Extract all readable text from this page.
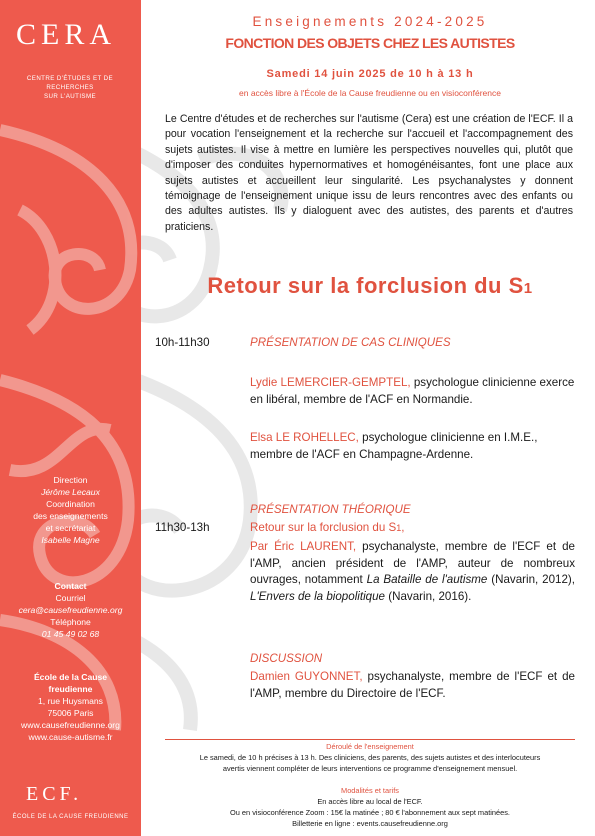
CERA
CENTRE D'ÉTUDES ET DE RECHERCHES
SUR L'AUTISME
Direction
Jérôme Lecaux
Coordination
des enseignements
et secrétariat
Isabelle Magne
Contact
Courriel
cera@causefreudienne.org
Téléphone
01 45 49 02 68
École de la Cause
freudienne
1, rue Huysmans
75006 Paris
www.causefreudienne.org
www.cause-autisme.fr
ECF.
ÉCOLE DE LA CAUSE FREUDIENNE
Enseignements 2024-2025
FONCTION DES OBJETS CHEZ LES AUTISTES
Samedi 14 juin 2025 de 10 h à 13 h
en accès libre à l'École de la Cause freudienne ou en visioconférence
Le Centre d'études et de recherches sur l'autisme (Cera) est une création de l'ECF. Il a pour vocation l'enseignement et la recherche sur l'accueil et l'accompagnement des sujets autistes. Il vise à mettre en lumière les perspectives nouvelles qui, plutôt que d'imposer des conduites hypernormatives et homogénéisantes, font une place aux sujets autistes et accueillent leur singularité. Les psychanalystes y donnent témoignage de l'enseignement unique issu de leurs rencontres avec des enfants ou des adultes autistes. Ils y dialoguent avec des autistes, des parents et d'autres praticiens.
Retour sur la forclusion du S1
10h-11h30	PRÉSENTATION DE CAS CLINIQUES
Lydie LEMERCIER-GEMPTEL, psychologue clinicienne exerce en libéral, membre de l'ACF en Normandie.
Elsa LE ROHELLEC, psychologue clinicienne en I.M.E., membre de l'ACF en Champagne-Ardenne.
PRÉSENTATION THÉORIQUE
11h30-13h	Retour sur la forclusion du S1,
Par Éric LAURENT, psychanalyste, membre de l'ECF et de l'AMP, ancien président de l'AMP, auteur de nombreux ouvrages, notamment La Bataille de l'autisme (Navarin, 2012), L'Envers de la biopolitique (Navarin, 2016).
DISCUSSION
Damien GUYONNET, psychanalyste, membre de l'ECF et de l'AMP, membre du Directoire de l'ECF.
Déroulé de l'enseignement
Le samedi, de 10 h précises à 13 h. Des cliniciens, des parents, des sujets autistes et des interlocuteurs
avertis viennent compléter de leurs interventions ce programme d'enseignement mensuel.
Modalités et tarifs
En accès libre au local de l'ECF.
Ou en visioconférence Zoom : 15€ la matinée ; 80 € l'abonnement aux sept matinées.
Billetterie en ligne : events.causefreudienne.org
